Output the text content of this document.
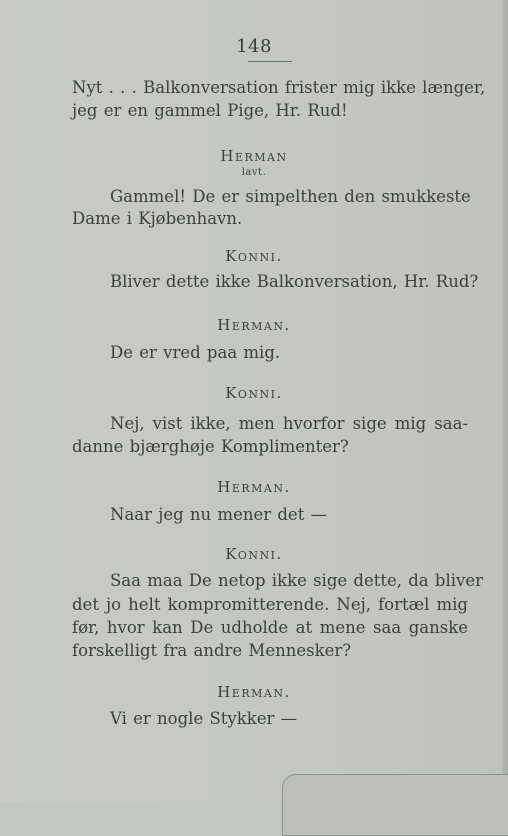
148
Nyt . . . Balkonversation frister mig ikke længer,
jeg er en gammel Pige, Hr. Rud!
Herman
lavt.
Gammel! De er simpelthen den smukkeste
Dame i Kjøbenhavn.
Konni.
Bliver dette ikke Balkonversation, Hr. Rud?
Herman.
De er vred paa mig.
Konni.
Nej, vist ikke, men hvorfor sige mig saa-
danne bjærghøje Komplimenter?
Herman.
Naar jeg nu mener det —
Konni.
Saa maa De netop ikke sige dette, da bliver
det jo helt kompromitterende. Nej, fortæl mig
før, hvor kan De udholde at mene saa ganske
forskelligt fra andre Mennesker?
Herman.
Vi er nogle Stykker —
